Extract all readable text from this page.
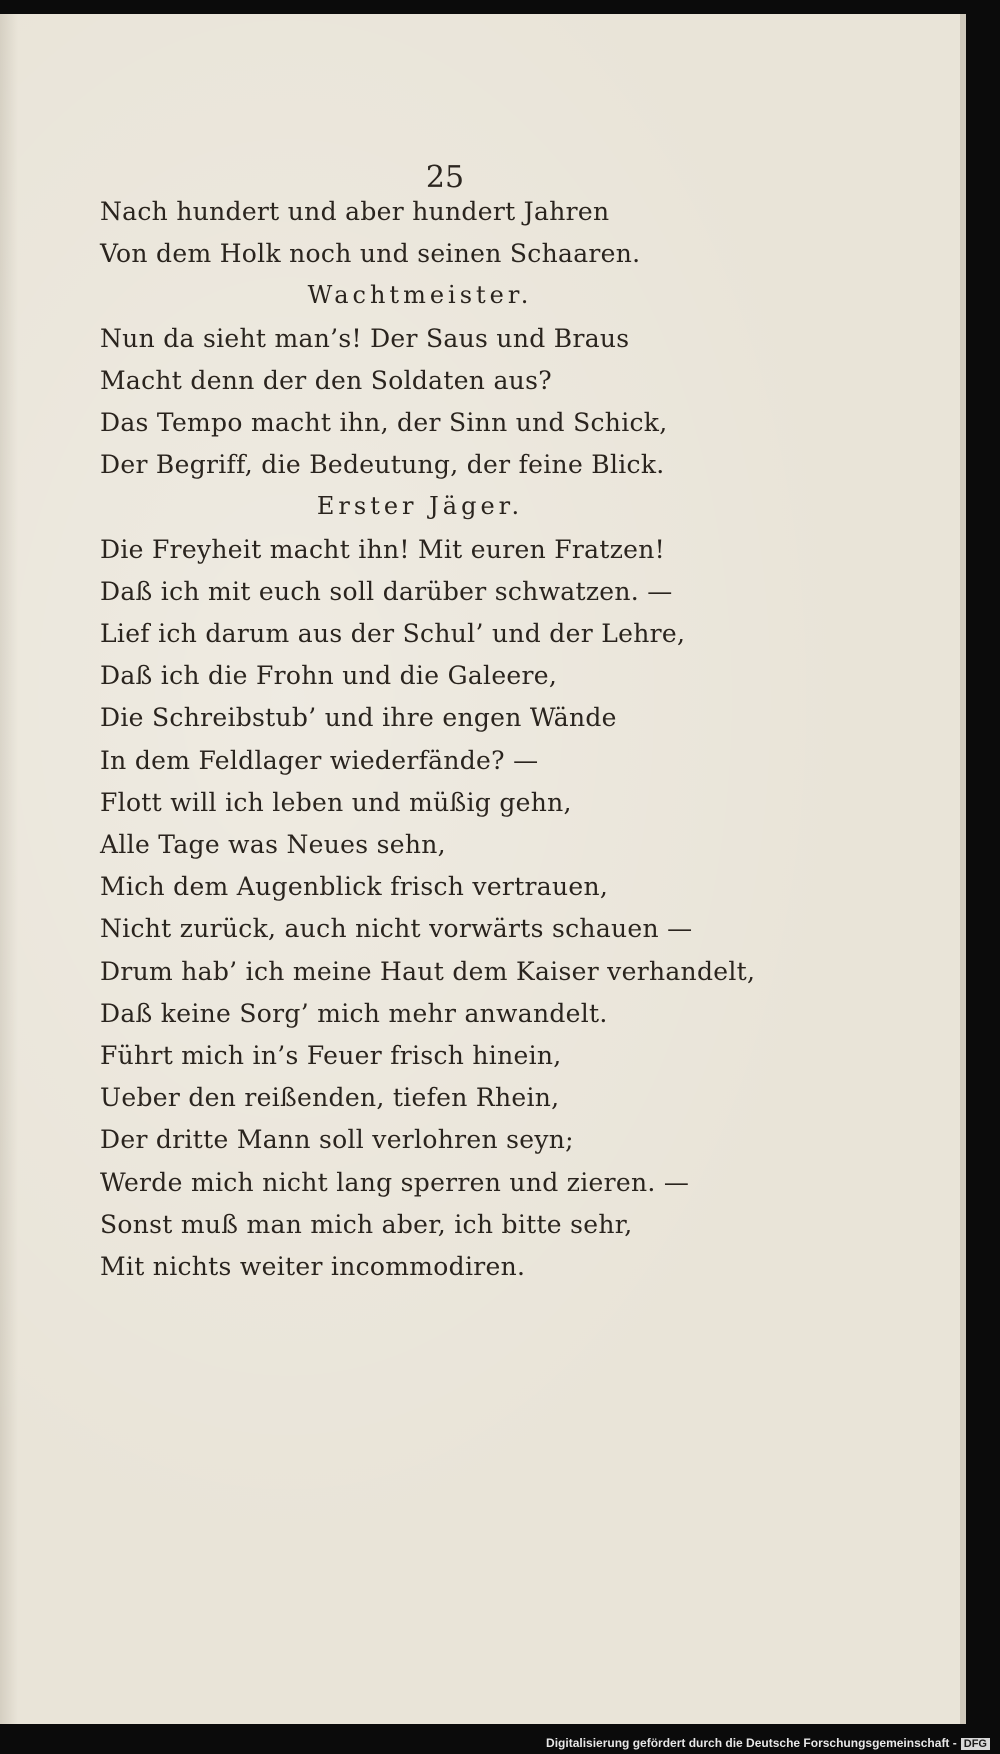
25
Nach hundert und aber hundert Jahren
Von dem Holk noch und seinen Schaaren.
Wachtmeister.
Nun da sieht man’s! Der Saus und Braus
Macht denn der den Soldaten aus?
Das Tempo macht ihn, der Sinn und Schick,
Der Begriff, die Bedeutung, der feine Blick.
Erster Jäger.
Die Freyheit macht ihn! Mit euren Fratzen!
Daß ich mit euch soll darüber schwatzen. —
Lief ich darum aus der Schul’ und der Lehre,
Daß ich die Frohn und die Galeere,
Die Schreibstub’ und ihre engen Wände
In dem Feldlager wiederfände? —
Flott will ich leben und müßig gehn,
Alle Tage was Neues sehn,
Mich dem Augenblick frisch vertrauen,
Nicht zurück, auch nicht vorwärts schauen —
Drum hab’ ich meine Haut dem Kaiser verhandelt,
Daß keine Sorg’ mich mehr anwandelt.
Führt mich in’s Feuer frisch hinein,
Ueber den reißenden, tiefen Rhein,
Der dritte Mann soll verlohren seyn;
Werde mich nicht lang sperren und zieren. —
Sonst muß man mich aber, ich bitte sehr,
Mit nichts weiter incommodiren.
Digitalisierung gefördert durch die Deutsche Forschungsgemeinschaft - DFG
